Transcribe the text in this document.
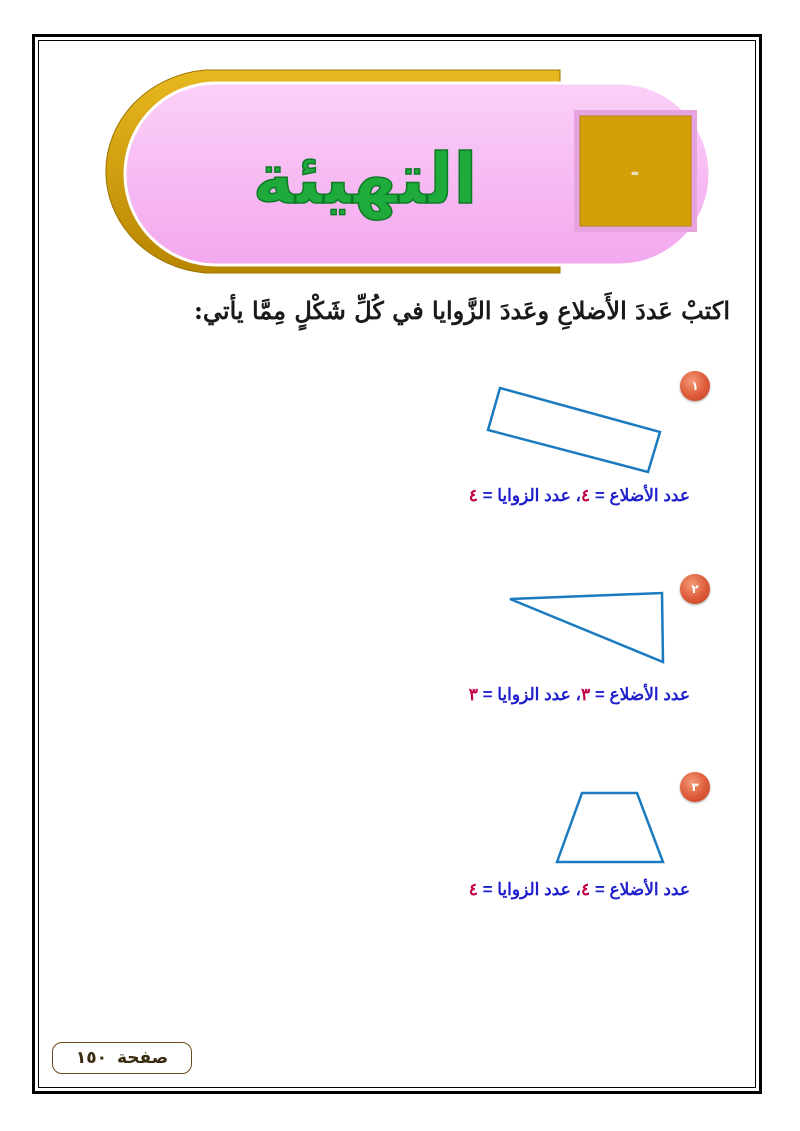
-
التهيئة

اكتبْ عَددَ الأَضلاعِ وعَددَ الزَّوايا في كُلِّ شَكْلٍ مِمَّا يأتي:

١

عدد الأضلاع = ٤، عدد الزوايا = ٤

٢

عدد الأضلاع = ٣، عدد الزوايا = ٣

٣

عدد الأضلاع = ٤، عدد الزوايا = ٤

صفحة
١٥٠
